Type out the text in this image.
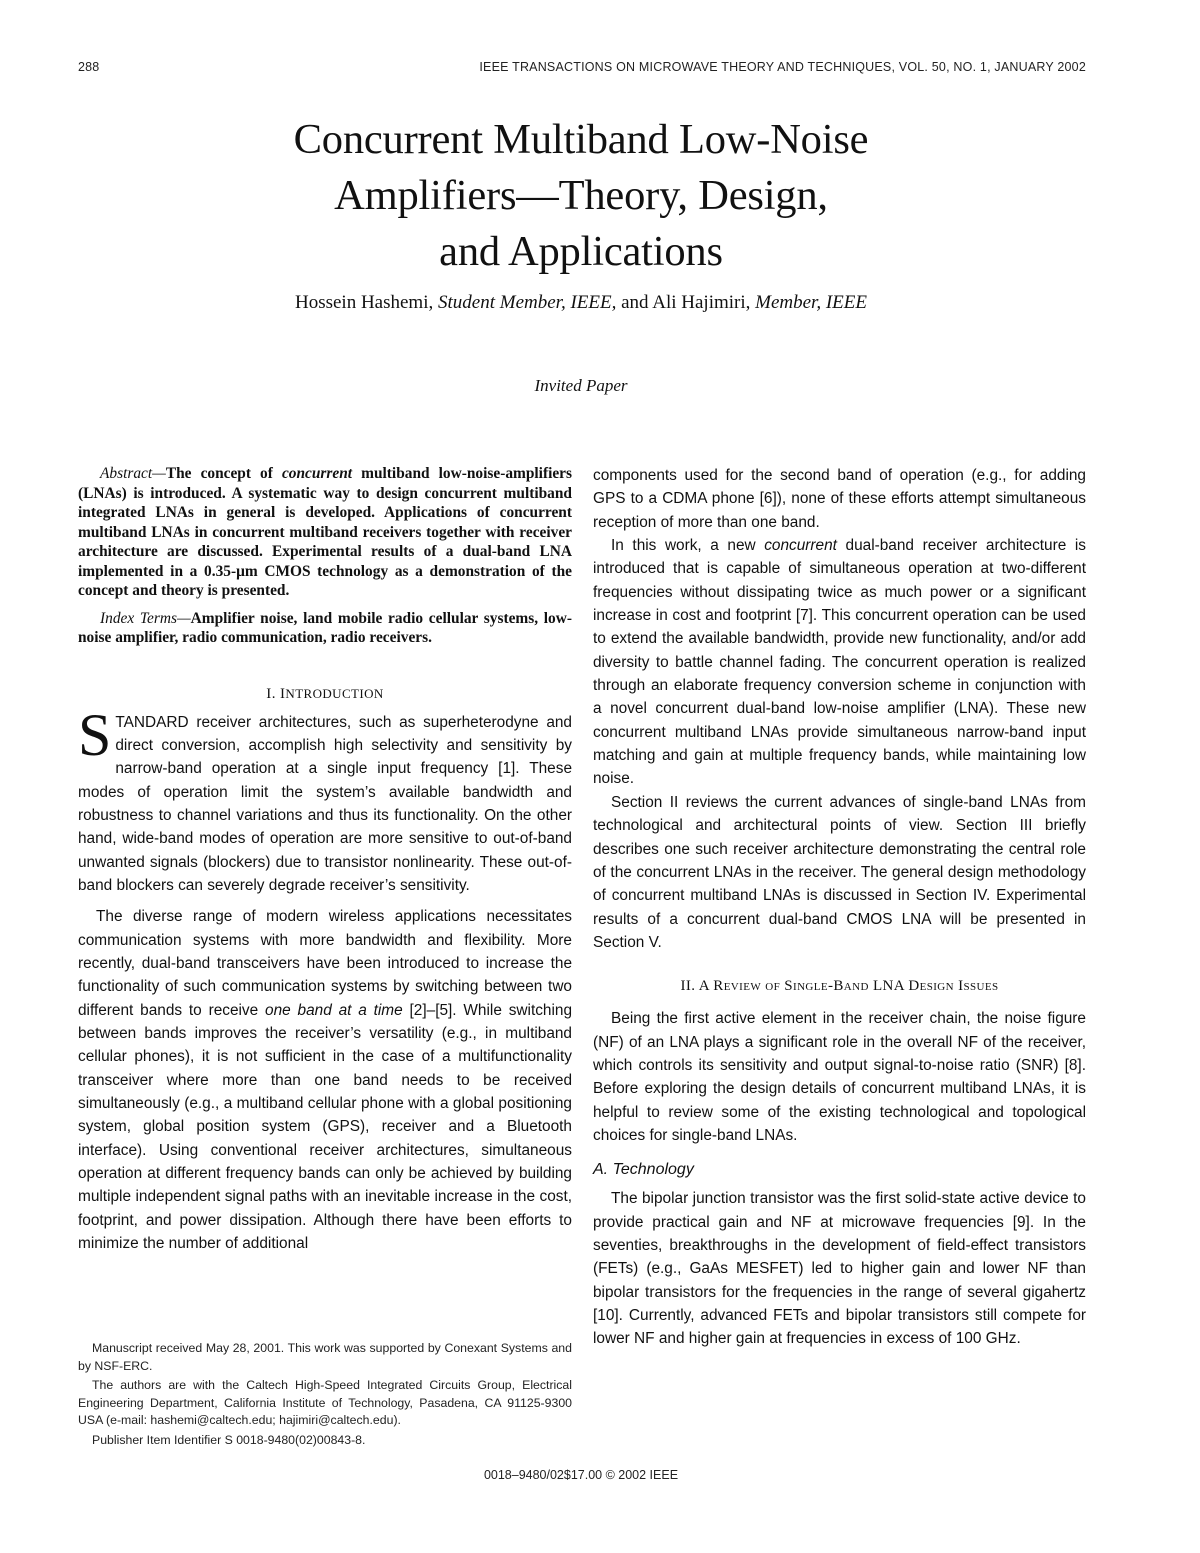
288	IEEE TRANSACTIONS ON MICROWAVE THEORY AND TECHNIQUES, VOL. 50, NO. 1, JANUARY 2002
Concurrent Multiband Low-Noise
Amplifiers—Theory, Design,
and Applications
Hossein Hashemi, Student Member, IEEE, and Ali Hajimiri, Member, IEEE
Invited Paper

Abstract—The concept of concurrent multiband low-noise-amplifiers (LNAs) is introduced. A systematic way to design concurrent multiband integrated LNAs in general is developed. Applications of concurrent multiband LNAs in concurrent multiband receivers together with receiver architecture are discussed. Experimental results of a dual-band LNA implemented in a 0.35-μm CMOS technology as a demonstration of the concept and theory is presented.

Index Terms—Amplifier noise, land mobile radio cellular systems, low-noise amplifier, radio communication, radio receivers.

I. INTRODUCTION

STANDARD receiver architectures, such as superheterodyne and direct conversion, accomplish high selectivity and sensitivity by narrow-band operation at a single input frequency [1]. These modes of operation limit the system’s available bandwidth and robustness to channel variations and thus its functionality. On the other hand, wide-band modes of operation are more sensitive to out-of-band unwanted signals (blockers) due to transistor nonlinearity. These out-of-band blockers can severely degrade receiver’s sensitivity.

The diverse range of modern wireless applications necessitates communication systems with more bandwidth and flexibility. More recently, dual-band transceivers have been introduced to increase the functionality of such communication systems by switching between two different bands to receive one band at a time [2]–[5]. While switching between bands improves the receiver’s versatility (e.g., in multiband cellular phones), it is not sufficient in the case of a multifunctionality transceiver where more than one band needs to be received simultaneously (e.g., a multiband cellular phone with a global positioning system, global position system (GPS), receiver and a Bluetooth interface). Using conventional receiver architectures, simultaneous operation at different frequency bands can only be achieved by building multiple independent signal paths with an inevitable increase in the cost, footprint, and power dissipation. Although there have been efforts to minimize the number of additional

Manuscript received May 28, 2001. This work was supported by Conexant Systems and by NSF-ERC.

The authors are with the Caltech High-Speed Integrated Circuits Group, Electrical Engineering Department, California Institute of Technology, Pasadena, CA 91125-9300 USA (e-mail: hashemi@caltech.edu; hajimiri@caltech.edu).

Publisher Item Identifier S 0018-9480(02)00843-8.

components used for the second band of operation (e.g., for adding GPS to a CDMA phone [6]), none of these efforts attempt simultaneous reception of more than one band.

In this work, a new concurrent dual-band receiver architecture is introduced that is capable of simultaneous operation at two-different frequencies without dissipating twice as much power or a significant increase in cost and footprint [7]. This concurrent operation can be used to extend the available bandwidth, provide new functionality, and/or add diversity to battle channel fading. The concurrent operation is realized through an elaborate frequency conversion scheme in conjunction with a novel concurrent dual-band low-noise amplifier (LNA). These new concurrent multiband LNAs provide simultaneous narrow-band input matching and gain at multiple frequency bands, while maintaining low noise.

Section II reviews the current advances of single-band LNAs from technological and architectural points of view. Section III briefly describes one such receiver architecture demonstrating the central role of the concurrent LNAs in the receiver. The general design methodology of concurrent multiband LNAs is discussed in Section IV. Experimental results of a concurrent dual-band CMOS LNA will be presented in Section V.

II. A Review of Single-Band LNA Design Issues

Being the first active element in the receiver chain, the noise figure (NF) of an LNA plays a significant role in the overall NF of the receiver, which controls its sensitivity and output signal-to-noise ratio (SNR) [8]. Before exploring the design details of concurrent multiband LNAs, it is helpful to review some of the existing technological and topological choices for single-band LNAs.

A. Technology

The bipolar junction transistor was the first solid-state active device to provide practical gain and NF at microwave frequencies [9]. In the seventies, breakthroughs in the development of field-effect transistors (FETs) (e.g., GaAs MESFET) led to higher gain and lower NF than bipolar transistors for the frequencies in the range of several gigahertz [10]. Currently, advanced FETs and bipolar transistors still compete for lower NF and higher gain at frequencies in excess of 100 GHz.

0018–9480/02$17.00 © 2002 IEEE
